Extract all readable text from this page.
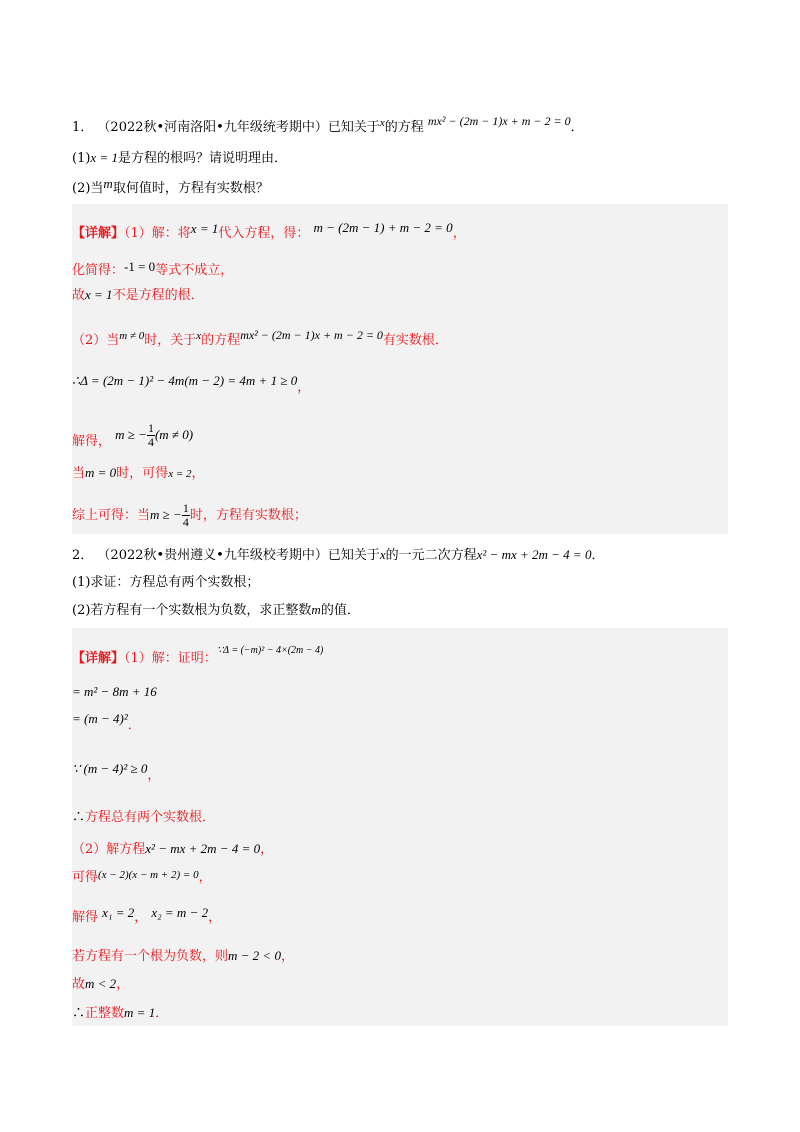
1． （2022秋•河南洛阳•九年级统考期中）已知关于$^x$的方程 mx² − (2m − 1)x + m − 2 = 0．
(1)x = 1是方程的根吗？请说明理由．
(2)当m取何值时，方程有实数根？
【详解】（1）解：将x = 1代入方程，得： m − (2m − 1) + m − 2 = 0，
化简得：-1 = 0等式不成立，
故x = 1不是方程的根．
（2）当$^{m \ne 0}$时，关于$^x$的方程mx² − (2m − 1)x + m − 2 = 0有实数根．
∴Δ = (2m − 1)² − 4m(m − 2) = 4m + 1 ≥ 0，
解得， m ≥ − $\frac{1}{4} (m \ne 0)$
当m = 0时，可得x = 2，
综上可得：当m ≥ − $\frac{1}{4}$ 时，方程有实数根；
2． （2022秋•贵州遵义•九年级校考期中）已知关于x的一元二次方程x² − mx + 2m − 4 = 0．
(1)求证：方程总有两个实数根；
(2)若方程有一个实数根为负数，求正整数m的值．
【详解】（1）解：证明：$^{\because\Delta = (-m)^2 - 4\times(2m - 4)}$
= m² − 8m + 16
= (m − 4)²．
∵ (m − 4)² ≥ 0，
∴方程总有两个实数根．
（2）解方程x² − mx + 2m − 4 = 0，
可得$^{(x - 2)(x - m + 2) = 0}$，
解得 x₁ = 2， x₂ = m − 2，
若方程有一个根为负数，则m − 2 < 0，
故m < 2，
∴正整数m = 1．
